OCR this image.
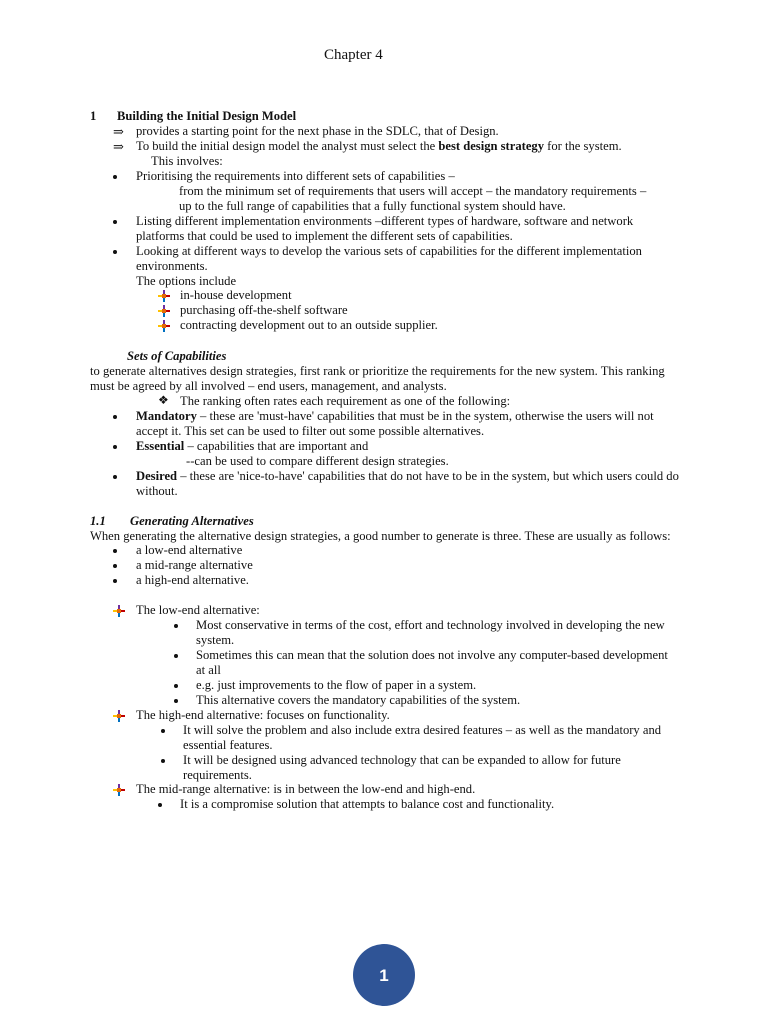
Chapter 4
1 Building the Initial Design Model
⇒ provides a starting point for the next phase in the SDLC, that of Design.
⇒ To build the initial design model the analyst must select the best design strategy for the system.
This involves:
Prioritising the requirements into different sets of capabilities –
from the minimum set of requirements that users will accept – the mandatory requirements –
up to the full range of capabilities that a fully functional system should have.
Listing different implementation environments –different types of hardware, software and network
platforms that could be used to implement the different sets of capabilities.
Looking at different ways to develop the various sets of capabilities for the different implementation
environments.
The options include
in-house development
purchasing off-the-shelf software
contracting development out to an outside supplier.
Sets of Capabilities
to generate alternatives design strategies, first rank or prioritize the requirements for the new system. This ranking
must be agreed by all involved – end users, management, and analysts.
❖ The ranking often rates each requirement as one of the following:
Mandatory – these are 'must-have' capabilities that must be in the system, otherwise the users will not
accept it. This set can be used to filter out some possible alternatives.
Essential – capabilities that are important and
--can be used to compare different design strategies.
Desired – these are 'nice-to-have' capabilities that do not have to be in the system, but which users could do
without.
1.1 Generating Alternatives
When generating the alternative design strategies, a good number to generate is three. These are usually as follows:
a low-end alternative
a mid-range alternative
a high-end alternative.
The low-end alternative:
Most conservative in terms of the cost, effort and technology involved in developing the new
system.
Sometimes this can mean that the solution does not involve any computer-based development
at all
e.g. just improvements to the flow of paper in a system.
This alternative covers the mandatory capabilities of the system.
The high-end alternative: focuses on functionality.
It will solve the problem and also include extra desired features – as well as the mandatory and
essential features.
It will be designed using advanced technology that can be expanded to allow for future
requirements.
The mid-range alternative: is in between the low-end and high-end.
It is a compromise solution that attempts to balance cost and functionality.
1
